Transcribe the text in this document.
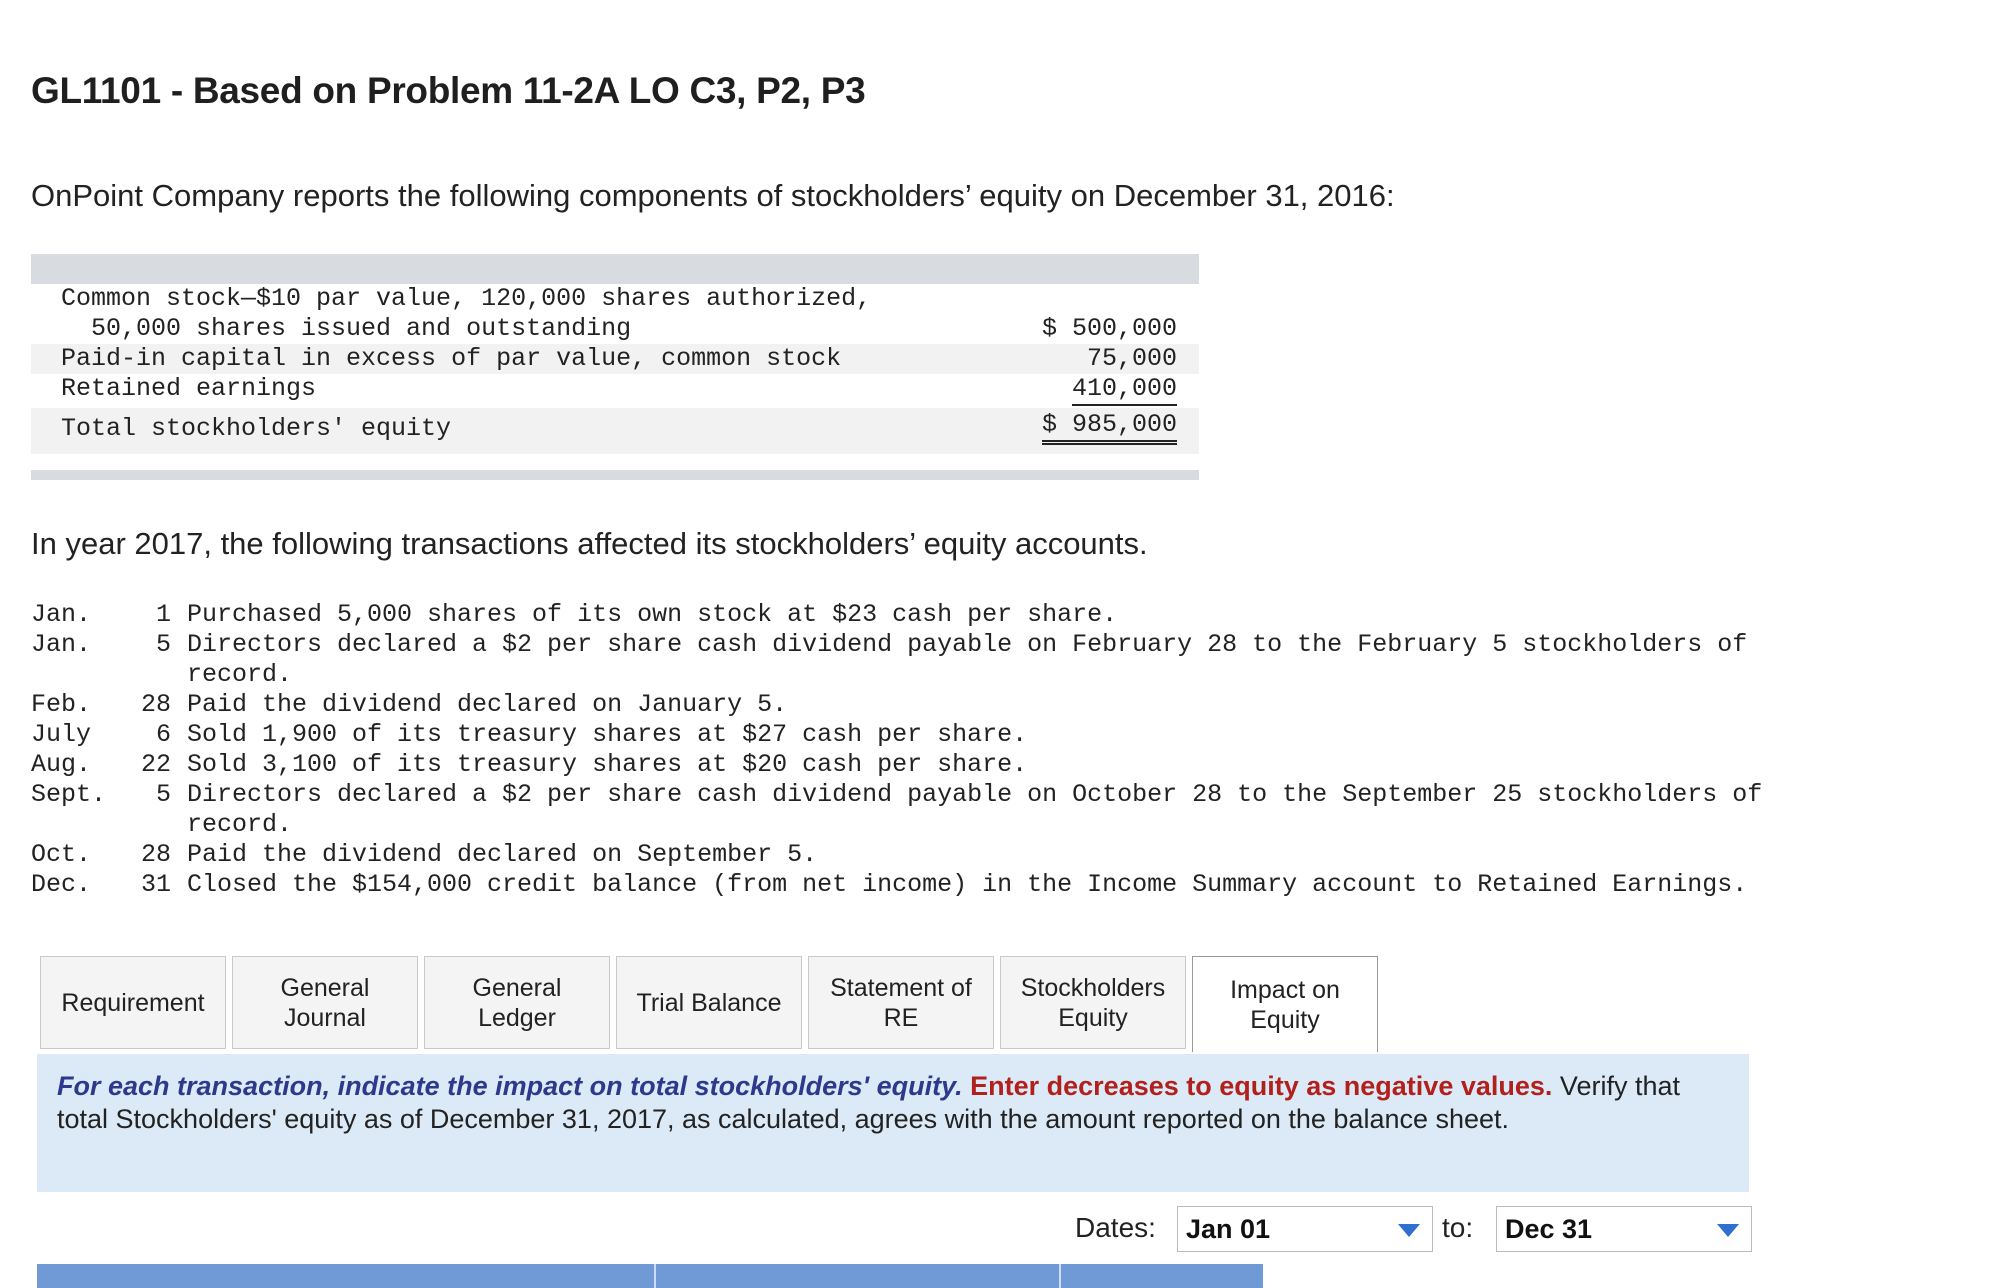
GL1101 - Based on Problem 11-2A LO C3, P2, P3
OnPoint Company reports the following components of stockholders’ equity on December 31, 2016:
Common stock—$10 par value, 120,000 shares authorized,
50,000 shares issued and outstanding	$ 500,000
Paid-in capital in excess of par value, common stock	75,000
Retained earnings	410,000
Total stockholders' equity	$ 985,000
In year 2017, the following transactions affected its stockholders’ equity accounts.
Jan.	1 Purchased 5,000 shares of its own stock at $23 cash per share.
Jan.	5 Directors declared a $2 per share cash dividend payable on February 28 to the February 5 stockholders of
record.
Feb.	28 Paid the dividend declared on January 5.
July	6 Sold 1,900 of its treasury shares at $27 cash per share.
Aug.	22 Sold 3,100 of its treasury shares at $20 cash per share.
Sept.	5 Directors declared a $2 per share cash dividend payable on October 28 to the September 25 stockholders of
record.
Oct.	28 Paid the dividend declared on September 5.
Dec.	31 Closed the $154,000 credit balance (from net income) in the Income Summary account to Retained Earnings.
Requirement
General
Journal
General
Ledger
Trial Balance
Statement of
RE
Stockholders
Equity
Impact on
Equity
For each transaction, indicate the impact on total stockholders' equity. Enter decreases to equity as negative values. Verify that total Stockholders' equity as of December 31, 2017, as calculated, agrees with the amount reported on the balance sheet.
Dates:	Jan 01	to:	Dec 31
